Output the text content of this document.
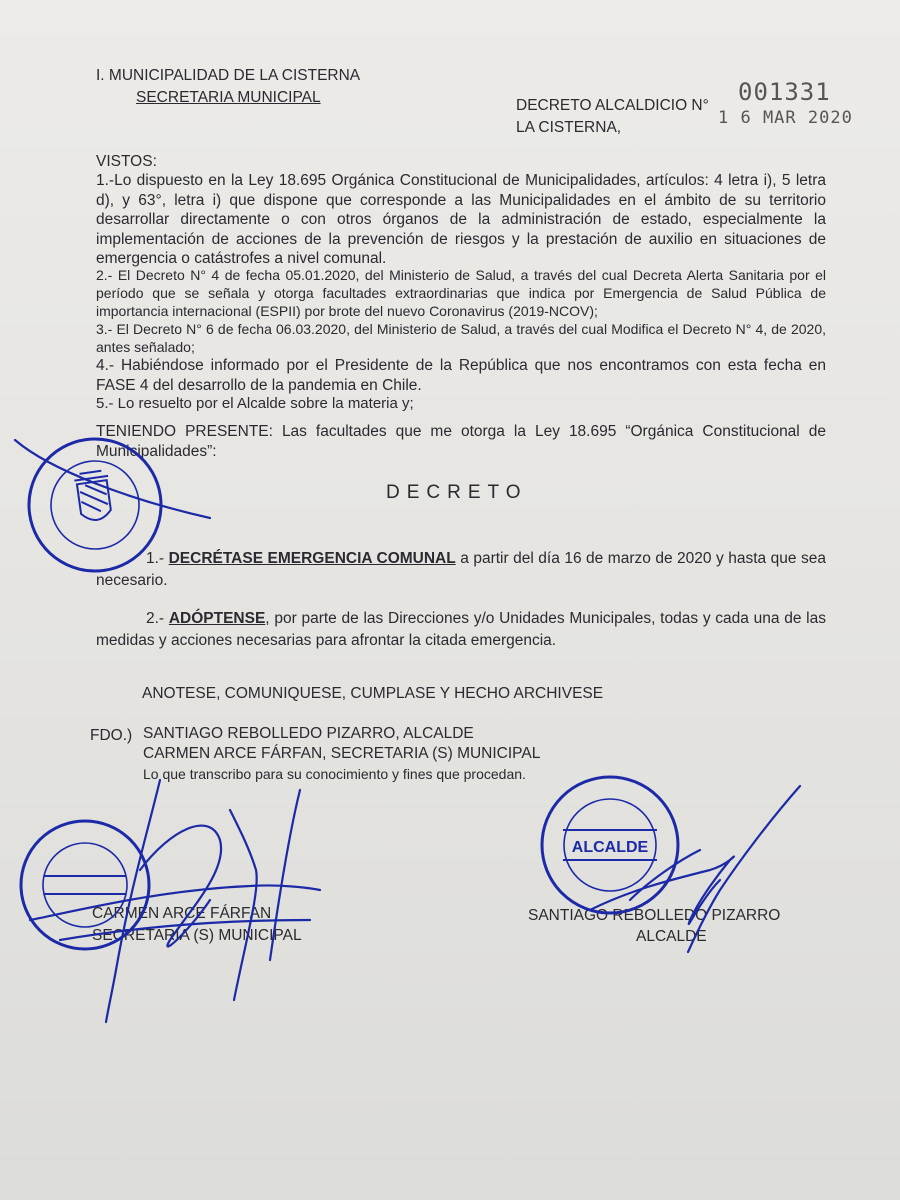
I. MUNICIPALIDAD DE LA CISTERNA
SECRETARIA MUNICIPAL	DECRETO ALCALDICIO N° 001331
LA CISTERNA,	1 6 MAR 2020
VISTOS:
1.-Lo dispuesto en la Ley 18.695 Orgánica Constitucional de Municipalidades, artículos: 4 letra i), 5 letra d), y 63°, letra i) que dispone que corresponde a las Municipalidades en el ámbito de su territorio desarrollar directamente o con otros órganos de la administración de estado, especialmente la implementación de acciones de la prevención de riesgos y la prestación de auxilio en situaciones de emergencia o catástrofes a nivel comunal.
2.- El Decreto N° 4 de fecha 05.01.2020, del Ministerio de Salud, a través del cual Decreta Alerta Sanitaria por el período que se señala y otorga facultades extraordinarias que indica por Emergencia de Salud Pública de importancia internacional (ESPII) por brote del nuevo Coronavirus (2019-NCOV);
3.- El Decreto N° 6 de fecha 06.03.2020, del Ministerio de Salud, a través del cual Modifica el Decreto N° 4, de 2020, antes señalado;
4.- Habiéndose informado por el Presidente de la República que nos encontramos con esta fecha en FASE 4 del desarrollo de la pandemia en Chile.
5.- Lo resuelto por el Alcalde sobre la materia y;
TENIENDO PRESENTE: Las facultades que me otorga la Ley 18.695 “Orgánica Constitucional de Municipalidades”:
DECRETO
1.- DECRÉTASE EMERGENCIA COMUNAL a partir del día 16 de marzo de 2020 y hasta que sea necesario.
2.- ADÓPTENSE, por parte de las Direcciones y/o Unidades Municipales, todas y cada una de las medidas y acciones necesarias para afrontar la citada emergencia.
ANOTESE, COMUNIQUESE, CUMPLASE Y HECHO ARCHIVESE
FDO.) SANTIAGO REBOLLEDO PIZARRO, ALCALDE
CARMEN ARCE FÁRFAN, SECRETARIA (S) MUNICIPAL
Lo que transcribo para su conocimiento y fines que procedan.
CARMEN ARCE FÁRFAN
SECRETARIA (S) MUNICIPAL
SANTIAGO REBOLLEDO PIZARRO
ALCALDE
ALCALDE
